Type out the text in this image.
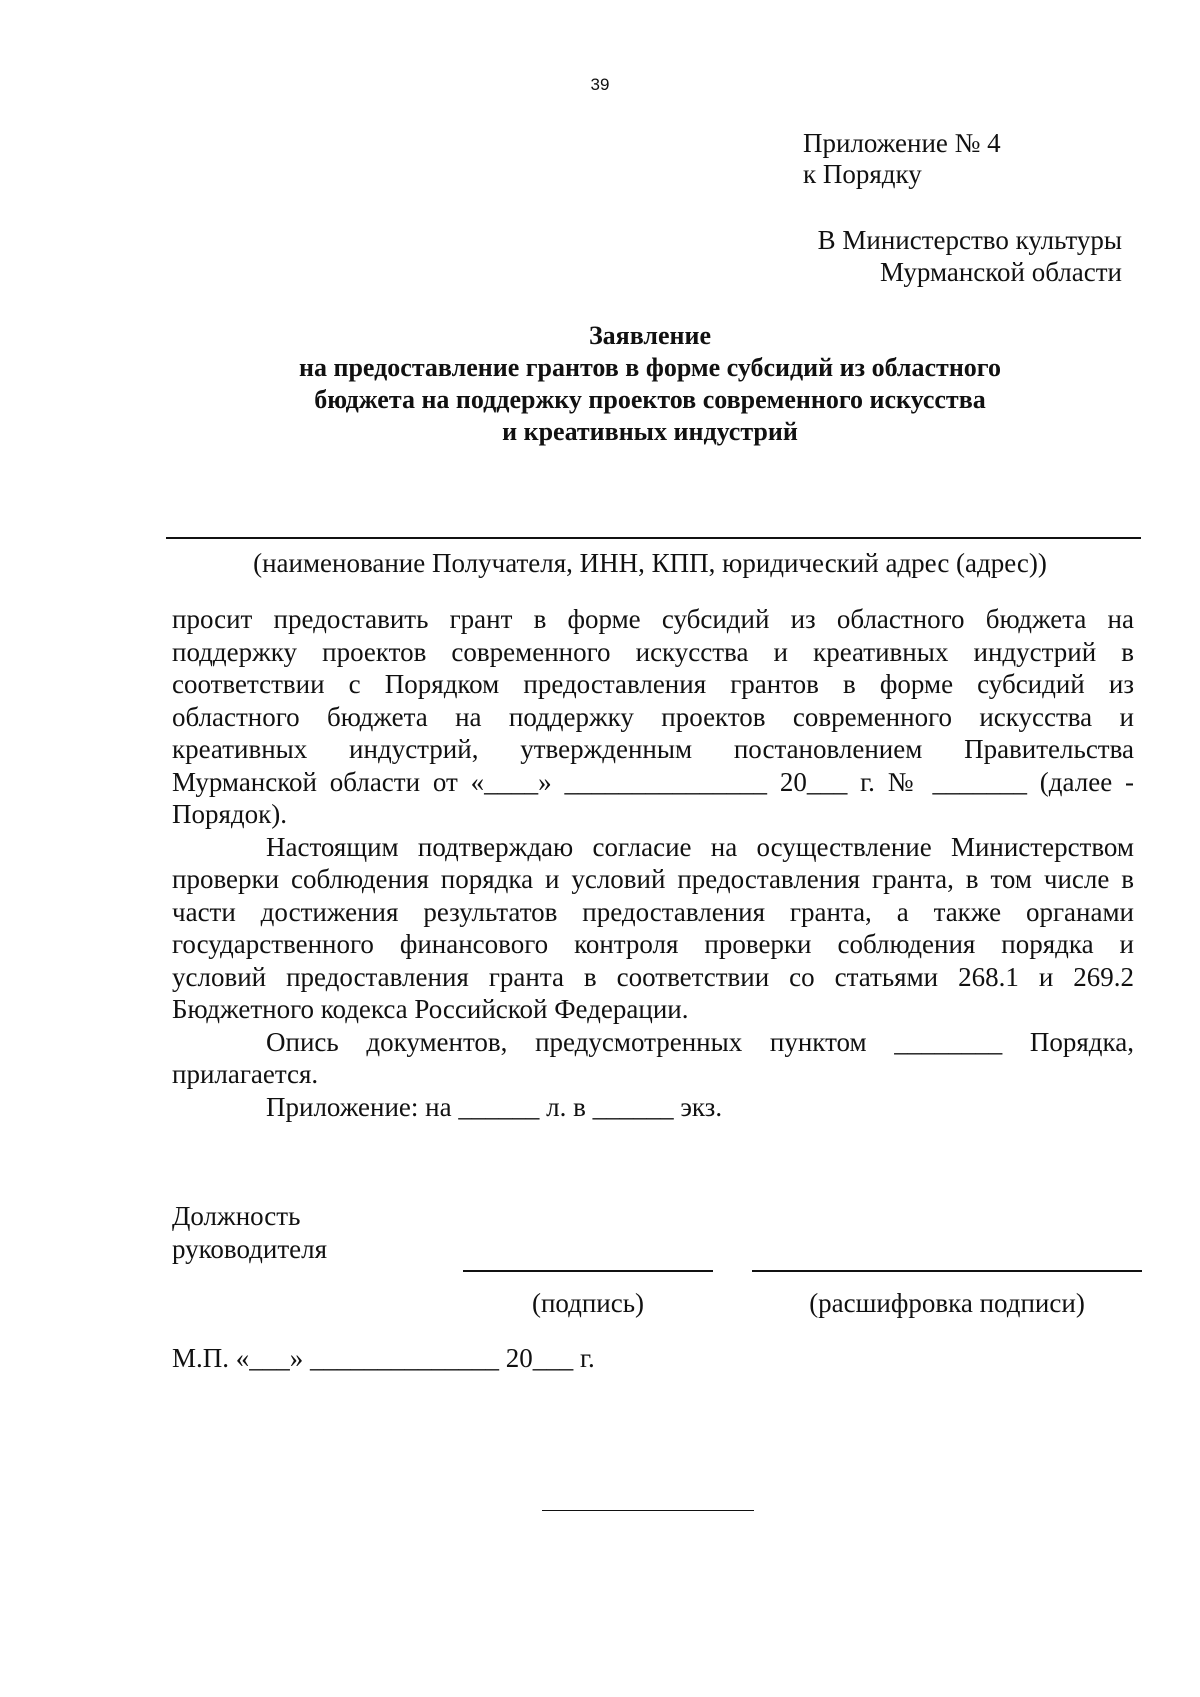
39
Приложение № 4
к Порядку
В Министерство культуры
Мурманской области
Заявление
на предоставление грантов в форме субсидий из областного
бюджета на поддержку проектов современного искусства
и креативных индустрий
(наименование Получателя, ИНН, КПП, юридический адрес (адрес))

просит предоставить грант в форме субсидий из областного бюджета на

поддержку проектов современного искусства и креативных индустрий в

соответствии с Порядком предоставления грантов в форме субсидий из

областного бюджета на поддержку проектов современного искусства и

креативных индустрий, утвержденным постановлением Правительства

Мурманской области от «____» _______________ 20___ г. № _______ (далее -

Порядок).

Настоящим подтверждаю согласие на осуществление Министерством

проверки соблюдения порядка и условий предоставления гранта, в том числе в

части достижения результатов предоставления гранта, а также органами

государственного финансового контроля проверки соблюдения порядка и

условий предоставления гранта в соответствии со статьями 268.1 и 269.2

Бюджетного кодекса Российской Федерации.

Опись документов, предусмотренных пунктом ________ Порядка,

прилагается.

Приложение: на ______ л. в ______ экз.

Должность
руководителя
(подпись)	(расшифровка подписи)
М.П. «___» ______________ 20___ г.
